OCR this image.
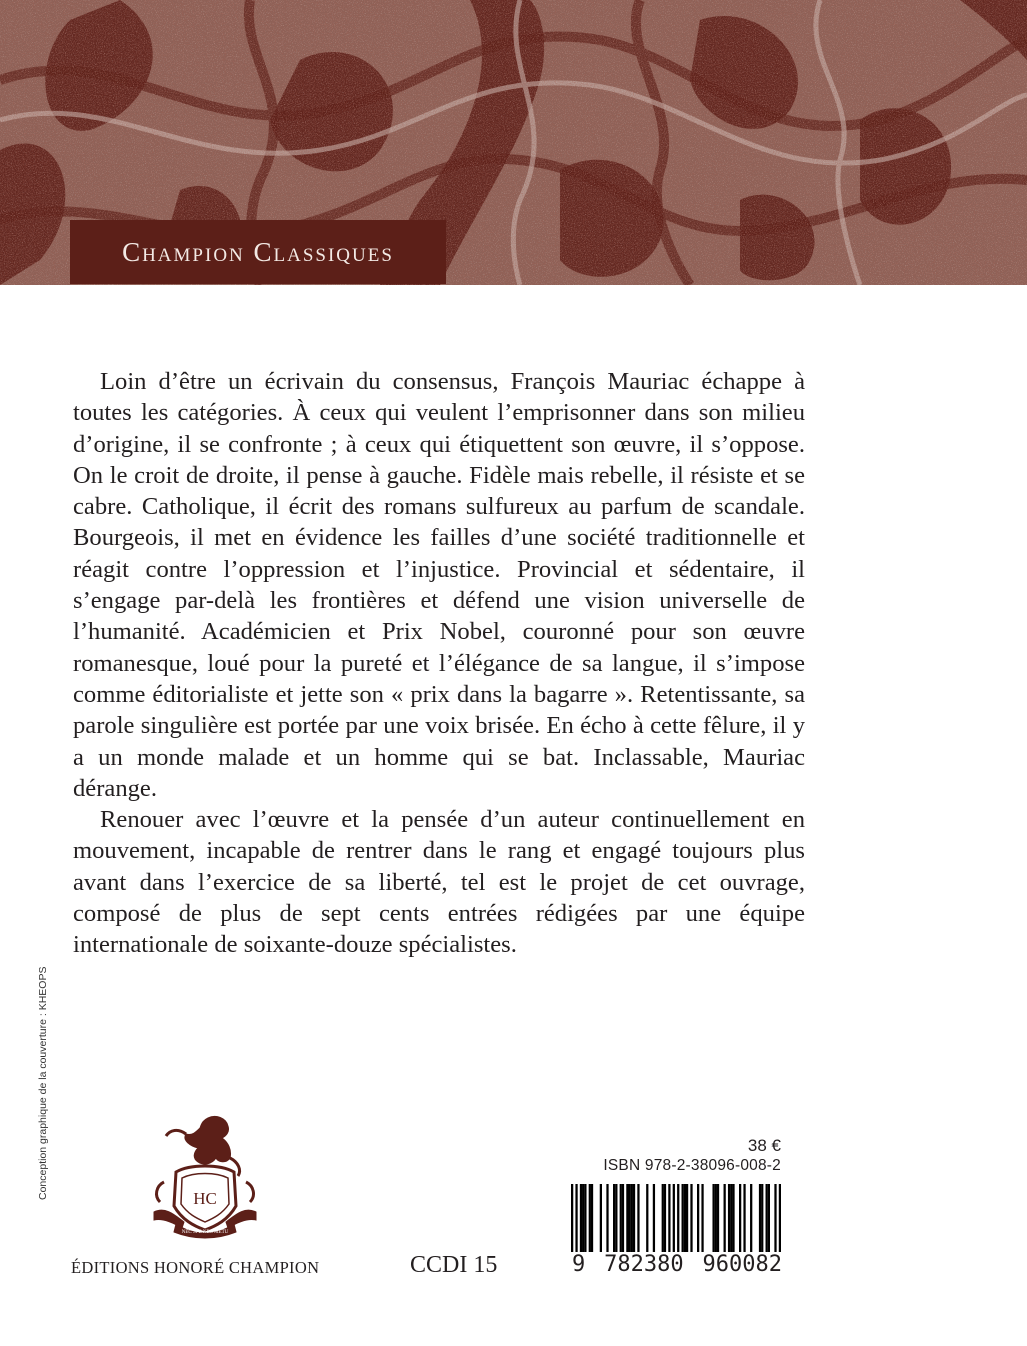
Champion Classiques

Loin d’être un écrivain du consensus, François Mauriac échappe à toutes les catégories. À ceux qui veulent l’emprisonner dans son milieu d’origine, il se confronte ; à ceux qui étiquettent son œuvre, il s’oppose. On le croit de droite, il pense à gauche. Fidèle mais rebelle, il résiste et se cabre. Catholique, il écrit des romans sulfureux au parfum de scandale. Bourgeois, il met en évidence les failles d’une société traditionnelle et réagit contre l’oppression et l’injustice. Provincial et sédentaire, il s’engage par-delà les frontières et défend une vision universelle de l’humanité. Académicien et Prix Nobel, couronné pour son œuvre romanesque, loué pour la pureté et l’élégance de sa langue, il s’impose comme éditorialiste et jette son « prix dans la bagarre ». Retentissante, sa parole singulière est portée par une voix brisée. En écho à cette fêlure, il y a un monde malade et un homme qui se bat. Inclassable, Mauriac dérange.

Renouer avec l’œuvre et la pensée d’un auteur continuellement en mouvement, incapable de rentrer dans le rang et engagé toujours plus avant dans l’exercice de sa liberté, tel est le projet de cet ouvrage, composé de plus de sept cents entrées rédigées par une équipe internationale de soixante-douze spécialistes.

Conception graphique de la couverture : KHEOPS	HC
NEC SPE NEC METU
ÉDITIONS HONORÉ CHAMPION	CCDI 15
38 €
ISBN 978-2-38096-008-2
9 782380 960082
